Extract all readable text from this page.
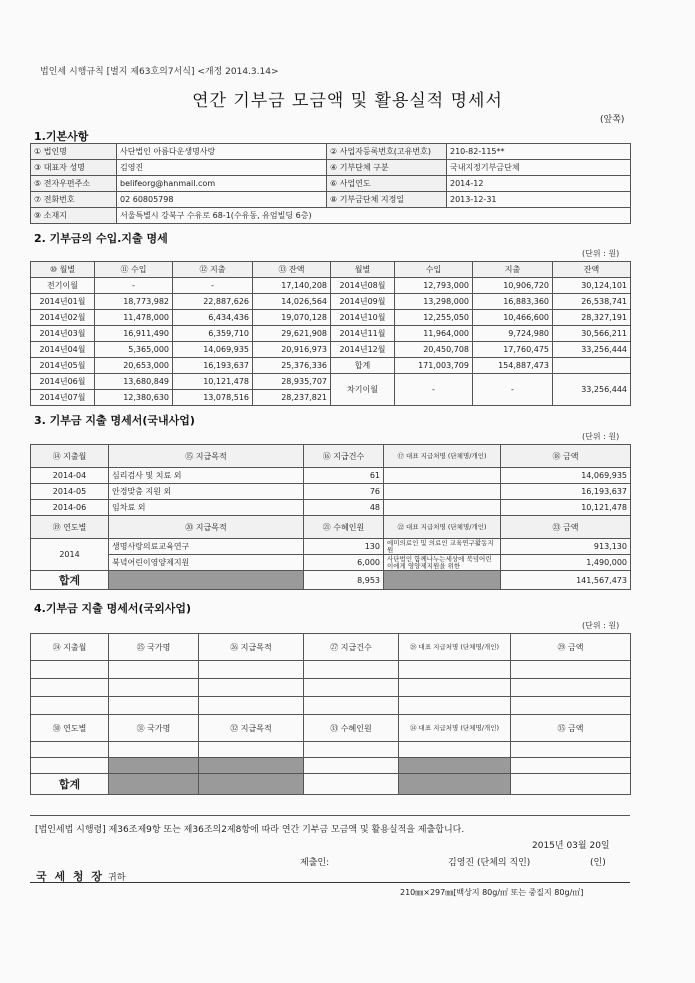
법인세 시행규칙 [별지 제63호의7서식] <개정 2014.3.14>
연간 기부금 모금액 및 활용실적 명세서
(앞쪽)
1.기본사항
① 법인명	사단법인 아름다운생명사랑	② 사업자등록번호(고유번호)	210-82-115**
③ 대표자 성명	김영진	④ 기부단체 구분	국내지정기부금단체
⑤ 전자우편주소	belifeorg@hanmail.com	⑥ 사업연도	2014-12
⑦ 전화번호	02 60805798	⑧ 기부금단체 지정일	2013-12-31
⑨ 소재지	서울특별시 강북구 수유로 68-1(수유동, 유엄빌딩 6층)		
2. 기부금의 수입.지출 명세
(단위 : 원)
⑩ 월별	⑪ 수입	⑫ 지출	⑬ 잔액	월별	수입	지출	잔액
전기이월	-	-	17,140,208	2014년08월	12,793,000	10,906,720	30,124,101
2014년01월	18,773,982	22,887,626	14,026,564	2014년09월	13,298,000	16,883,360	26,538,741
2014년02월	11,478,000	6,434,436	19,070,128	2014년10월	12,255,050	10,466,600	28,327,191
2014년03월	16,911,490	6,359,710	29,621,908	2014년11월	11,964,000	9,724,980	30,566,211
2014년04월	5,365,000	14,069,935	20,916,973	2014년12월	20,450,708	17,760,475	33,256,444
2014년05월	20,653,000	16,193,637	25,376,336	합계	171,003,709	154,887,473	
2014년06월	13,680,849	10,121,478	28,935,707	차기이월	-	-	33,256,444
2014년07월	12,380,630	13,078,516	28,237,821				
3. 기부금 지출 명세서(국내사업)
(단위 : 원)
⑭ 지출월	⑮ 지급목적	⑯ 지급건수	⑰ 대표 지급처명 (단체명/개인)	⑱ 금액
2014-04	심리검사 및 치료 외	61		14,069,935
2014-05	안경맞춤 지원 외	76		16,193,637
2014-06	임차료 외	48		10,121,478
⑲ 연도별	⑳ 지급목적	㉑ 수혜인원	㉒ 대표 지급처명 (단체명/개인)	㉓ 금액
2014	생명사랑의료교육연구	130	에미의료인 및 의료인 교육연구활동지원	913,130
	북녘어린이영양제지원	6,000	사단법인 함께나누는세상에 북녘어린이에게 영양제지원을 위한	1,490,000
합계		8,953		141,567,473
4.기부금 지출 명세서(국외사업)
(단위 : 원)
㉔ 지출월	㉕ 국가명	㉖ 지급목적	㉗ 지급건수	㉘ 대표 지급처명 (단체명/개인)	㉙ 금액

㉚ 연도별	㉛ 국가명	㉜ 지급목적	㉝ 수혜인원	㉞ 대표 지급처명 (단체명/개인)	㉟ 금액

합계					
[법인세법 시행령] 제36조제9항 또는 제36조의2제8항에 따라 연간 기부금 모금액 및 활용실적을 제출합니다.
2015년 03월 20일
제출인:	김영진 (단체의 직인)	(인)
국 세 청 장 귀하
210㎜×297㎜[백상지 80g/㎡ 또는 중질지 80g/㎡]
